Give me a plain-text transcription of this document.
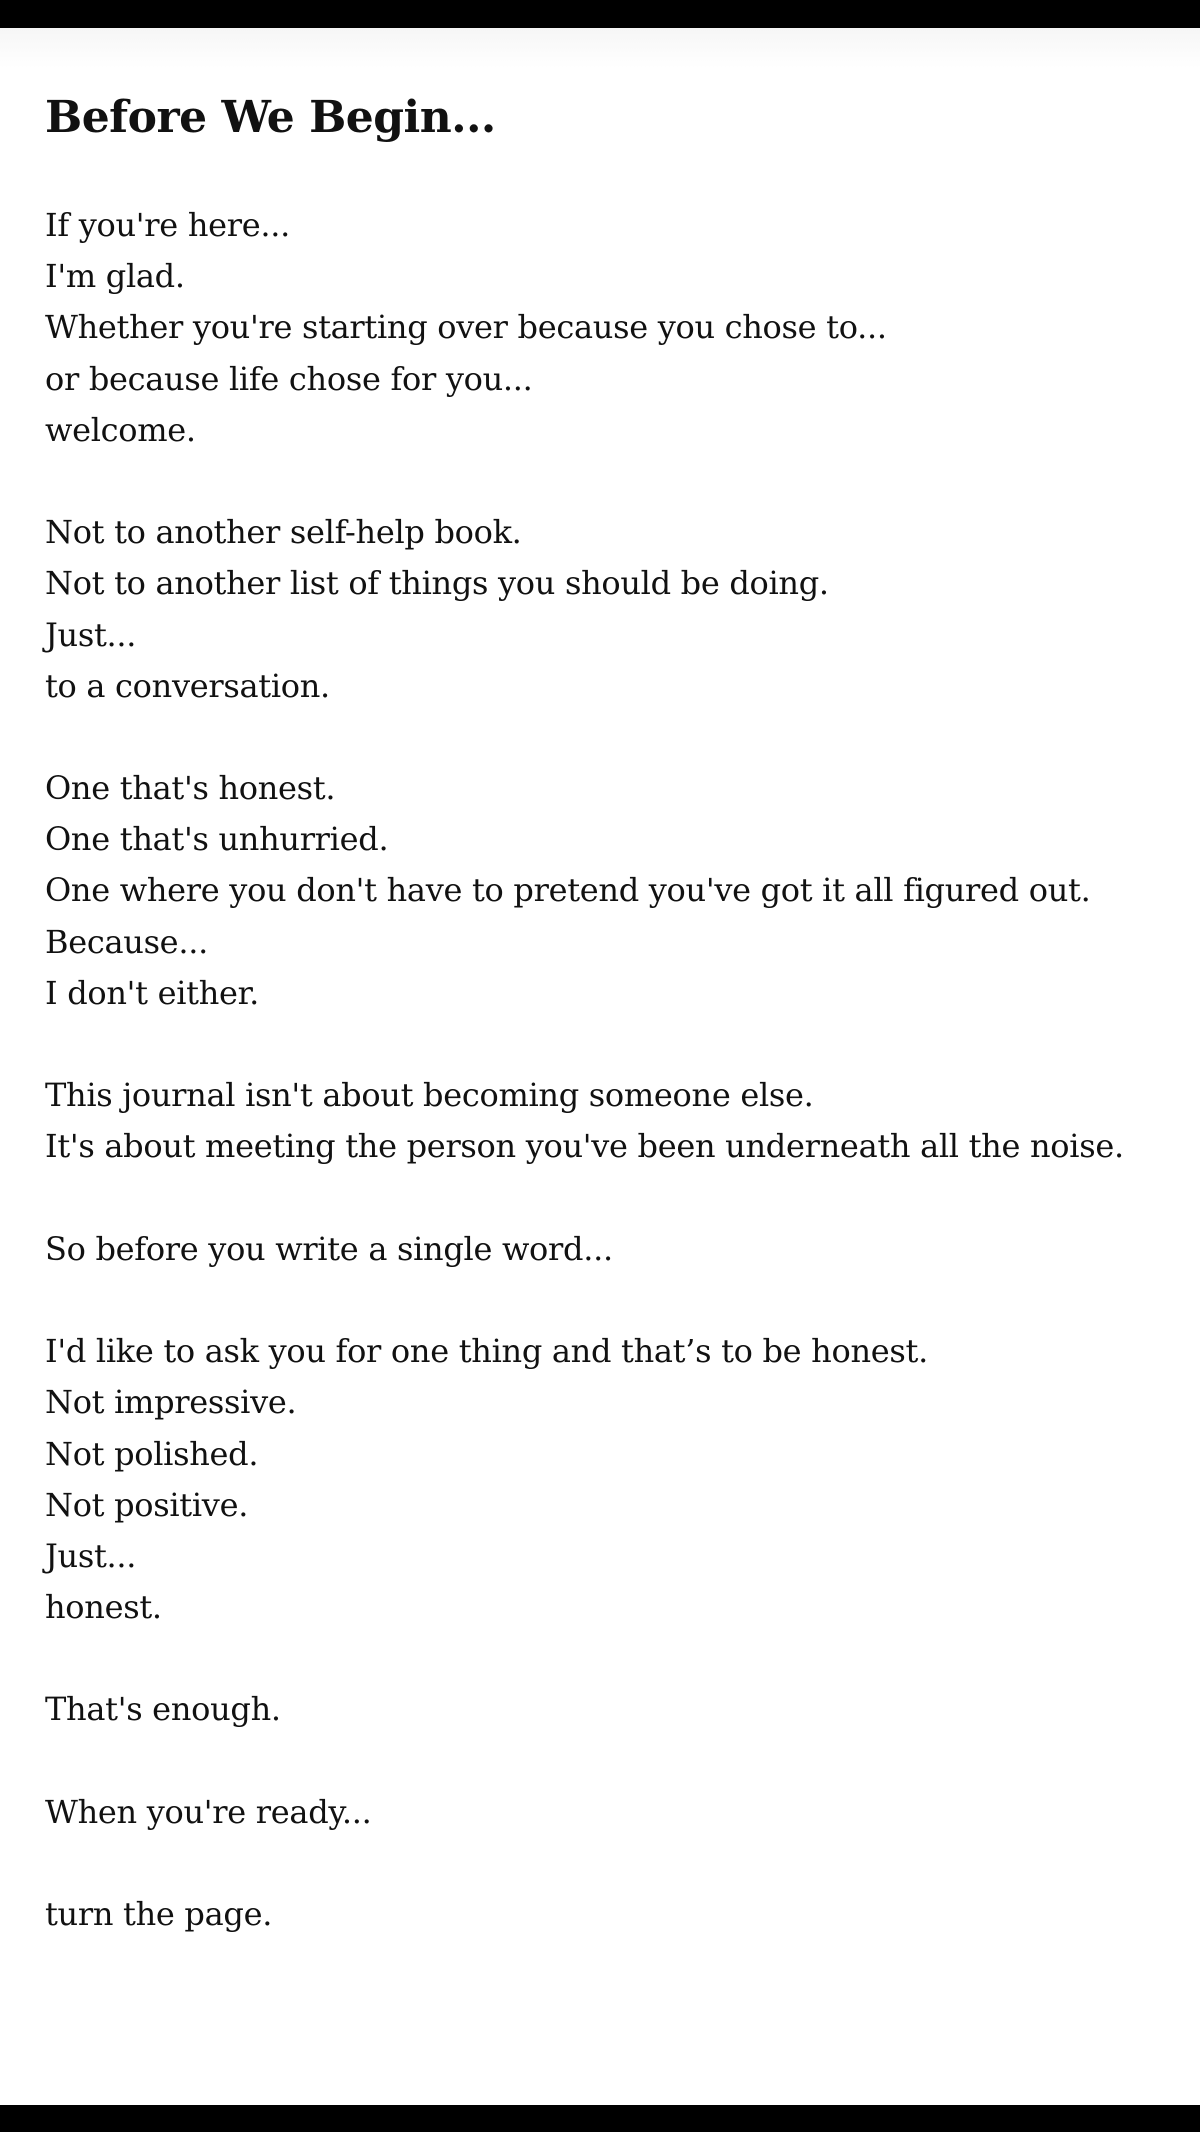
Before We Begin...
If you're here...
I'm glad.
Whether you're starting over because you chose to...
or because life chose for you...
welcome.
Not to another self-help book.
Not to another list of things you should be doing.
Just...
to a conversation.
One that's honest.
One that's unhurried.
One where you don't have to pretend you've got it all figured out.
Because...
I don't either.
This journal isn't about becoming someone else.
It's about meeting the person you've been underneath all the noise.
So before you write a single word...
I'd like to ask you for one thing and that’s to be honest.
Not impressive.
Not polished.
Not positive.
Just...
honest.
That's enough.
When you're ready...
turn the page.
